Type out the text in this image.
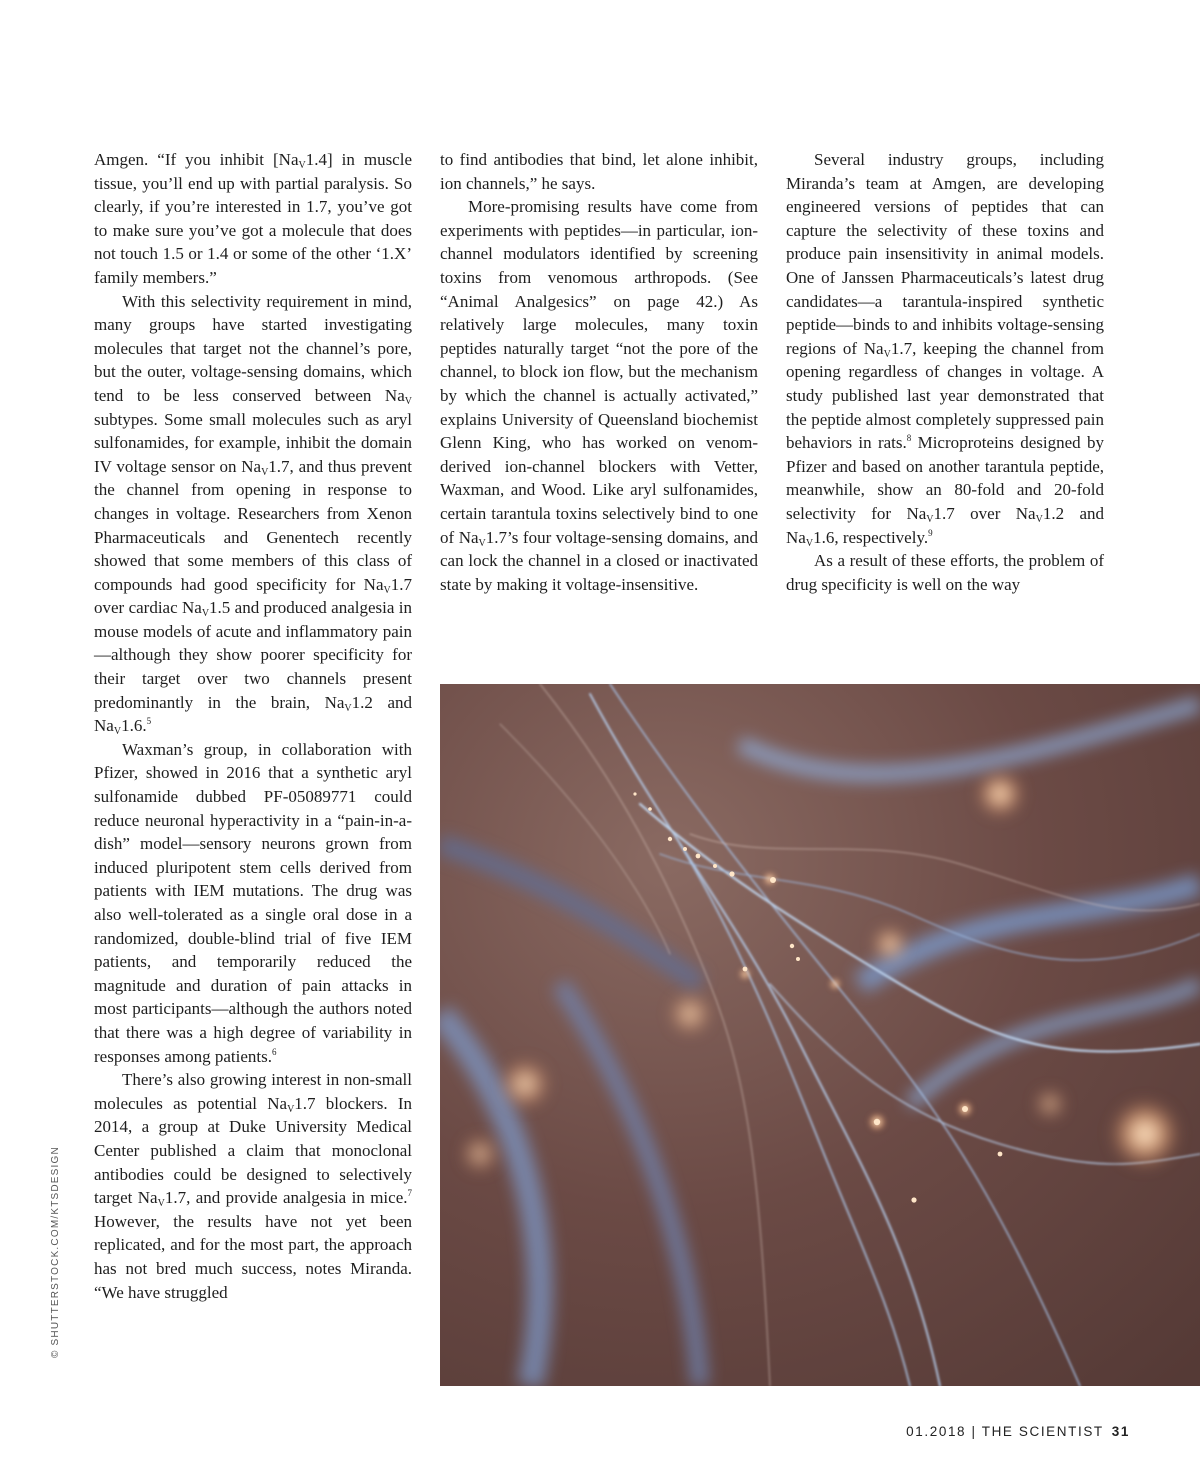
Amgen. “If you inhibit $[Na_V1.4]$ in muscle tissue, you’ll end up with partial paralysis. So clearly, if you’re interested in 1.7, you’ve got to make sure you’ve got a molecule that does not touch 1.5 or 1.4 or some of the other ‘1.X’ family members.”

With this selectivity requirement in mind, many groups have started investigating molecules that target not the channel’s pore, but the outer, voltage-sensing domains, which tend to be less conserved between $Na_V$ subtypes. Some small molecules such as aryl sulfonamides, for example, inhibit the domain IV voltage sensor on $Na_V1.7$, and thus prevent the channel from opening in response to changes in voltage. Researchers from Xenon Pharmaceuticals and Genentech recently showed that some members of this class of compounds had good specificity for $Na_V1.7$ over cardiac $Na_V1.5$ and produced analgesia in mouse models of acute and inflammatory pain—although they show poorer specificity for their target over two channels present predominantly in the brain, $Na_V1.2$ and $Na_V1.6.^5$

Waxman’s group, in collaboration with Pfizer, showed in 2016 that a synthetic aryl sulfonamide dubbed PF-05089771 could reduce neuronal hyperactivity in a “pain-in-a-dish” model—sensory neurons grown from induced pluripotent stem cells derived from patients with IEM mutations. The drug was also well-tolerated as a single oral dose in a randomized, double-blind trial of five IEM patients, and temporarily reduced the magnitude and duration of pain attacks in most participants—although the authors noted that there was a high degree of variability in responses among patients.$^6$

There’s also growing interest in non-small molecules as potential $Na_V1.7$ blockers. In 2014, a group at Duke University Medical Center published a claim that monoclonal antibodies could be designed to selectively target $Na_V1.7$, and provide analgesia in mice.$^7$ However, the results have not yet been replicated, and for the most part, the approach has not bred much success, notes Miranda. “We have struggled

to find antibodies that bind, let alone inhibit, ion channels,” he says.

More-promising results have come from experiments with peptides—in particular, ion-channel modulators identified by screening toxins from venomous arthropods. (See “Animal Analgesics” on page 42.) As relatively large molecules, many toxin peptides naturally target “not the pore of the channel, to block ion flow, but the mechanism by which the channel is actually activated,” explains University of Queensland biochemist Glenn King, who has worked on venom-derived ion-channel blockers with Vetter, Waxman, and Wood. Like aryl sulfonamides, certain tarantula toxins selectively bind to one of $Na_V1.7’s$ four voltage-sensing domains, and can lock the channel in a closed or inactivated state by making it voltage-insensitive.

Several industry groups, including Miranda’s team at Amgen, are developing engineered versions of peptides that can capture the selectivity of these toxins and produce pain insensitivity in animal models. One of Janssen Pharmaceuticals’s latest drug candidates—a tarantula-inspired synthetic peptide—binds to and inhibits voltage-sensing regions of $Na_V1.7$, keeping the channel from opening regardless of changes in voltage. A study published last year demonstrated that the peptide almost completely suppressed pain behaviors in rats.$^8$ Microproteins designed by Pfizer and based on another tarantula peptide, meanwhile, show an 80-fold and 20-fold selectivity for $Na_V1.7$ over $Na_V1.2$ and $Na_V1.6$, respectively.$^9$

As a result of these efforts, the problem of drug specificity is well on the way

© SHUTTERSTOCK.COM/KTSDESIGN
01.2018 | THE SCIENTIST 31
